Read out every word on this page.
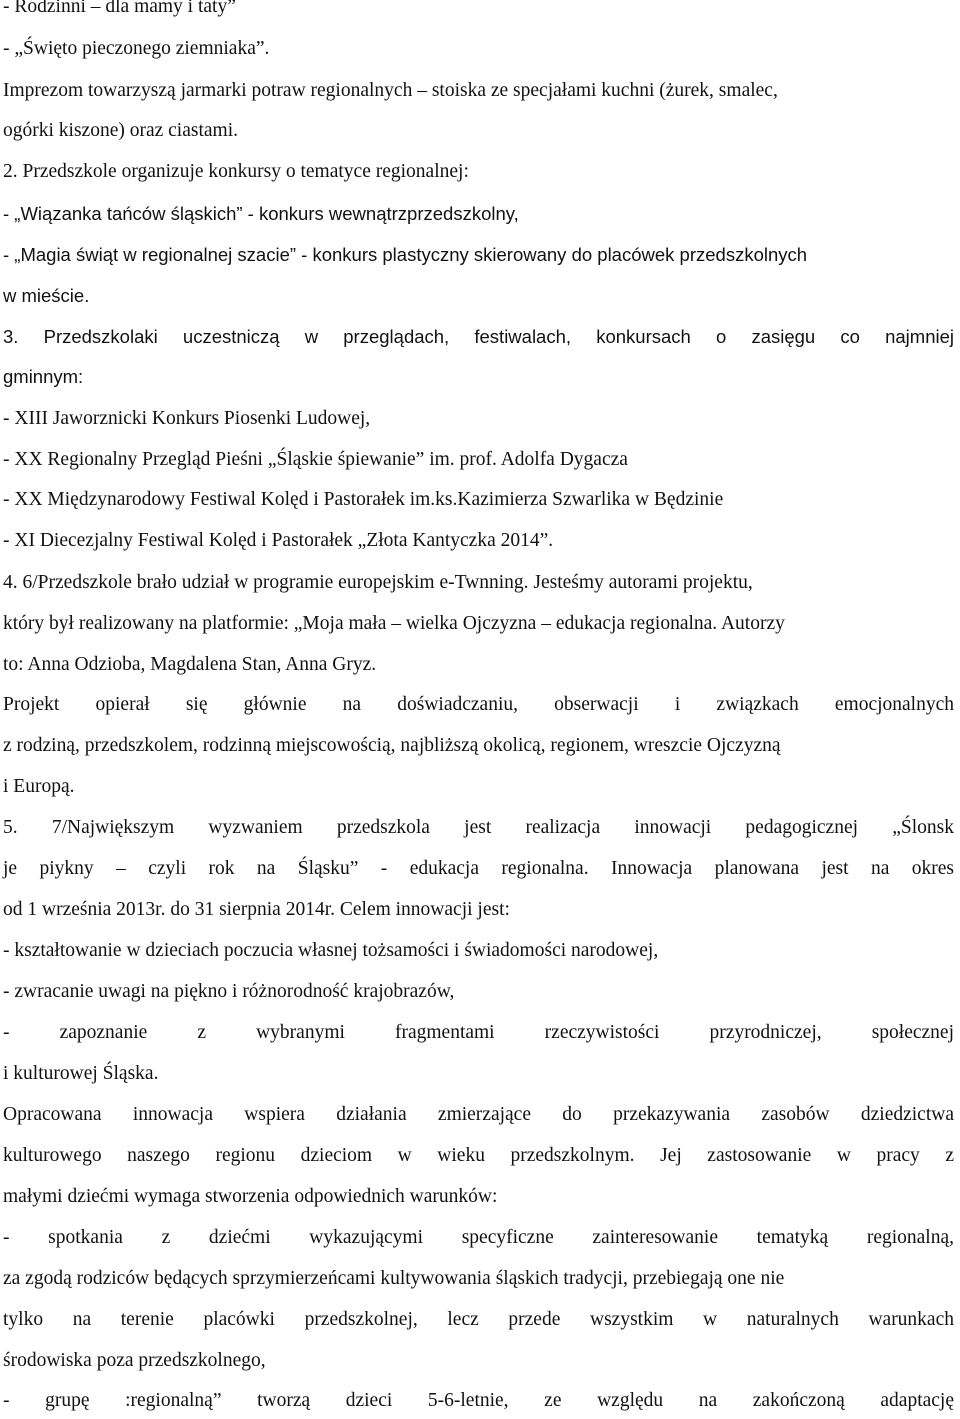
- Rodzinni – dla mamy i taty”
- „Święto pieczonego ziemniaka”.
Imprezom towarzyszą jarmarki potraw regionalnych – stoiska ze specjałami kuchni (żurek, smalec,
ogórki kiszone) oraz ciastami.
2. Przedszkole organizuje konkursy o tematyce regionalnej:
- „Wiązanka tańców śląskich” - konkurs wewnątrzprzedszkolny,
- „Magia świąt w regionalnej szacie” - konkurs plastyczny skierowany do placówek przedszkolnych
w mieście.
3. Przedszkolaki uczestniczą w przeglądach, festiwalach, konkursach o zasięgu co najmniej
gminnym:
- XIII Jaworznicki Konkurs Piosenki Ludowej,
- XX Regionalny Przegląd Pieśni „Śląskie śpiewanie” im. prof. Adolfa Dygacza
- XX Międzynarodowy Festiwal Kolęd i Pastorałek im.ks.Kazimierza Szwarlika w Będzinie
- XI Diecezjalny Festiwal Kolęd i Pastorałek „Złota Kantyczka 2014”.
4. 6/Przedszkole brało udział w programie europejskim e-Twnning. Jesteśmy autorami projektu,
który był realizowany na platformie: „Moja mała – wielka Ojczyzna – edukacja regionalna. Autorzy
to: Anna Odzioba, Magdalena Stan, Anna Gryz.
Projekt opierał się głównie na doświadczaniu, obserwacji i związkach emocjonalnych
z rodziną, przedszkolem, rodzinną miejscowością, najbliższą okolicą, regionem, wreszcie Ojczyzną
i Europą.
5. 7/Największym wyzwaniem przedszkola jest realizacja innowacji pedagogicznej „Ślonsk
je piykny – czyli rok na Śląsku” - edukacja regionalna. Innowacja planowana jest na okres
od 1 września 2013r. do 31 sierpnia 2014r. Celem innowacji jest:
- kształtowanie w dzieciach poczucia własnej tożsamości i świadomości narodowej,
- zwracanie uwagi na piękno i różnorodność krajobrazów,
- zapoznanie z wybranymi fragmentami rzeczywistości przyrodniczej, społecznej
i kulturowej Śląska.
Opracowana innowacja wspiera działania zmierzające do przekazywania zasobów dziedzictwa
kulturowego naszego regionu dzieciom w wieku przedszkolnym. Jej zastosowanie w pracy z
małymi dziećmi wymaga stworzenia odpowiednich warunków:
- spotkania z dziećmi wykazującymi specyficzne zainteresowanie tematyką regionalną,
za zgodą rodziców będących sprzymierzeńcami kultywowania śląskich tradycji, przebiegają one nie
tylko na terenie placówki przedszkolnej, lecz przede wszystkim w naturalnych warunkach
środowiska poza przedszkolnego,
- grupę :regionalną” tworzą dzieci 5-6-letnie, ze względu na zakończoną adaptację
